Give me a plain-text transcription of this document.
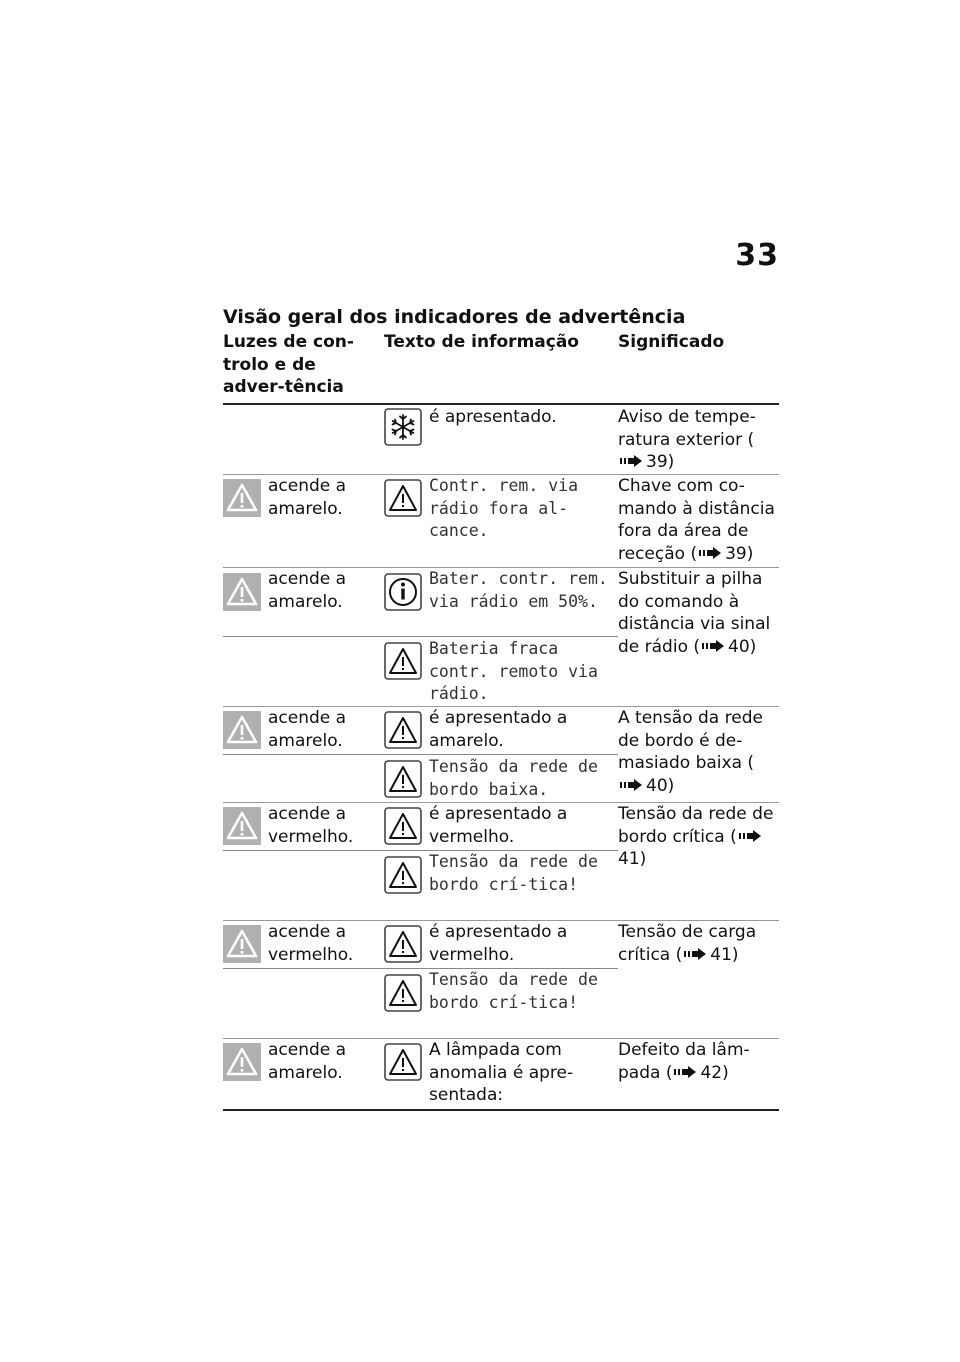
33
Visão geral dos indicadores de advertência
Luzes de con-trolo e de adver-tência
Texto de informação	Significado
é apresentado.	Aviso de tempe-ratura exterior (39)
acende a amarelo.
Contr. rem. via rádio fora al-cance.
Chave com co-mando à distância fora da área de receção ( 39)
acende a amarelo.
Bater. contr. rem. via rádio em 50%.
Bateria fraca contr. remoto via rádio.
Substituir a pilha do comando à distância via sinal de rádio ( 40)
acende a amarelo.
é apresentado a amarelo.
Tensão da rede de bordo baixa.
A tensão da rede de bordo é de-masiado baixa (40)
acende a vermelho.
é apresentado a vermelho.
Tensão da rede de bordo crí-tica!
Tensão da rede de bordo crítica (41)
acende a vermelho.
é apresentado a vermelho.
Tensão da rede de bordo crí-tica!
Tensão de carga crítica ( 41)
acende a amarelo.
A lâmpada com anomalia é apre-sentada:
Defeito da lâm-pada ( 42)
